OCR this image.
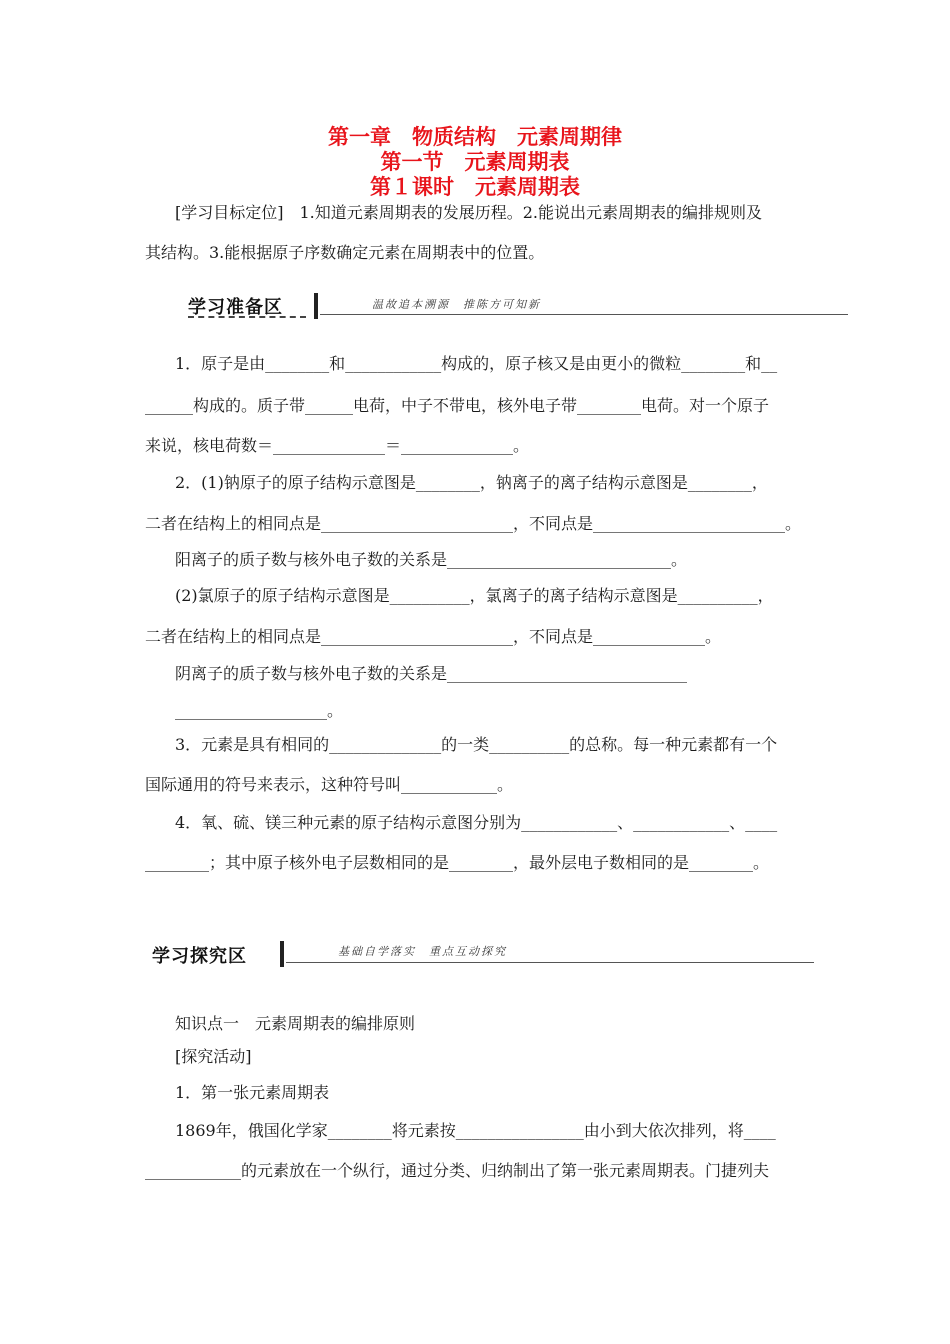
第一章　物质结构　元素周期律
第一节　元素周期表
第１课时　元素周期表
[学习目标定位]　1.知道元素周期表的发展历程。2.能说出元素周期表的编排规则及
其结构。3.能根据原子序数确定元素在周期表中的位置。
学习准备区	温故追本溯源　推陈方可知新
1．原子是由________和____________构成的，原子核又是由更小的微粒________和__
______构成的。质子带______电荷，中子不带电，核外电子带________电荷。对一个原子
来说，核电荷数＝______________＝______________。
2．(1)钠原子的原子结构示意图是________，钠离子的离子结构示意图是________，
二者在结构上的相同点是________________________，不同点是________________________。
阳离子的质子数与核外电子数的关系是____________________________。
(2)氯原子的原子结构示意图是__________，氯离子的离子结构示意图是__________，
二者在结构上的相同点是________________________，不同点是______________。
阴离子的质子数与核外电子数的关系是______________________________
___________________。
3．元素是具有相同的______________的一类__________的总称。每一种元素都有一个
国际通用的符号来表示，这种符号叫____________。
4．氧、硫、镁三种元素的原子结构示意图分别为____________、____________、____
________；其中原子核外电子层数相同的是________，最外层电子数相同的是________。
学习探究区	基础自学落实　重点互动探究
知识点一　元素周期表的编排原则
[探究活动]
1．第一张元素周期表
1869年，俄国化学家________将元素按________________由小到大依次排列，将____
____________的元素放在一个纵行，通过分类、归纳制出了第一张元素周期表。门捷列夫
